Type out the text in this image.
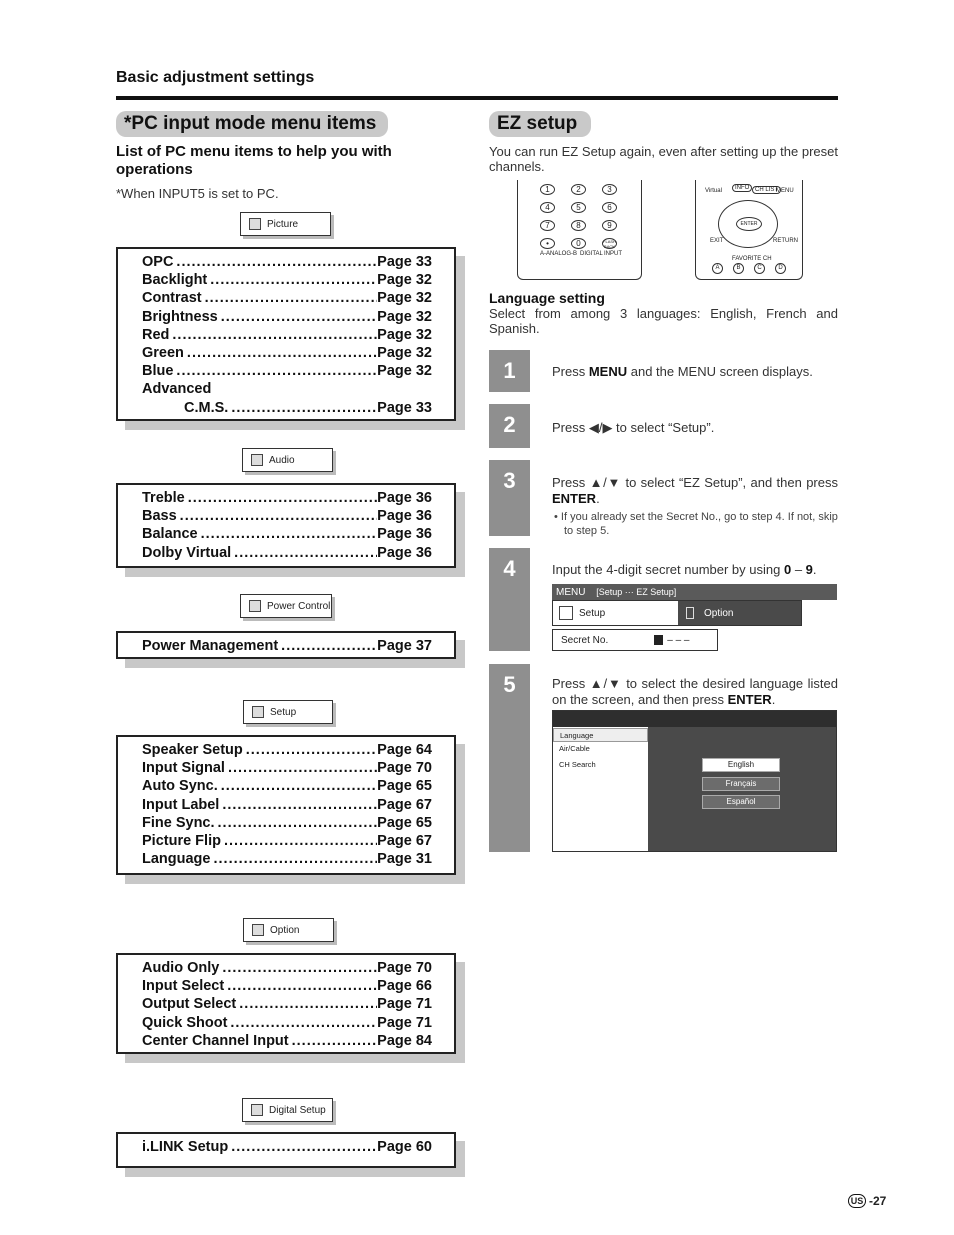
Basic adjustment settings
*PC input mode menu items
List of PC menu items to help you with operations
*When INPUT5 is set to PC.
Picture
OPC .....	Page 33
Backlight .....	Page 32
Contrast .....	Page 32
Brightness .....	Page 32
Red .....	Page 32
Green .....	Page 32
Blue .....	Page 32
Advanced
C.M.S. .....	Page 33
Audio
Treble .....	Page 36
Bass .....	Page 36
Balance .....	Page 36
Dolby Virtual .....	Page 36
Power Control
Power Management .....	Page 37
Setup
Speaker Setup .....	Page 64
Input Signal .....	Page 70
Auto Sync. .....	Page 65
Input Label .....	Page 67
Fine Sync. .....	Page 65
Picture Flip .....	Page 67
Language .....	Page 31
Option
Audio Only .....	Page 70
Input Select .....	Page 66
Output Select .....	Page 71
Quick Shoot .....	Page 71
Center Channel Input .....	Page 84
Digital Setup
i.LINK Setup .....	Page 60
EZ setup
You can run EZ Setup again, even after setting up the preset channels.
1	2	3
4	5	6
7	8	9
•	0	FLASH BACK
A-ANALOG-B DIGITAL INPUT
Virtual	INFO CH LIST
MENU
ENTER
EXIT	RETURN
FAVORITE CH
A	B	C	D
Language setting
Select from among 3 languages: English, French and Spanish.
1	Press MENU and the MENU screen displays.
2	Press ◀/▶ to select “Setup”.
3	Press ▲/▼ to select “EZ Setup”, and then press ENTER.
• If you already set the Secret No., go to step 4. If not, skip to step 5.
4	Input the 4-digit secret number by using 0 – 9.
MENU [Setup ··· EZ Setup]
Setup	Option
Secret No.	– – –
5	Press ▲/▼ to select the desired language listed on the screen, and then press ENTER.
Language
Air/Cable
CH Search	English
Français
Español
US -27
